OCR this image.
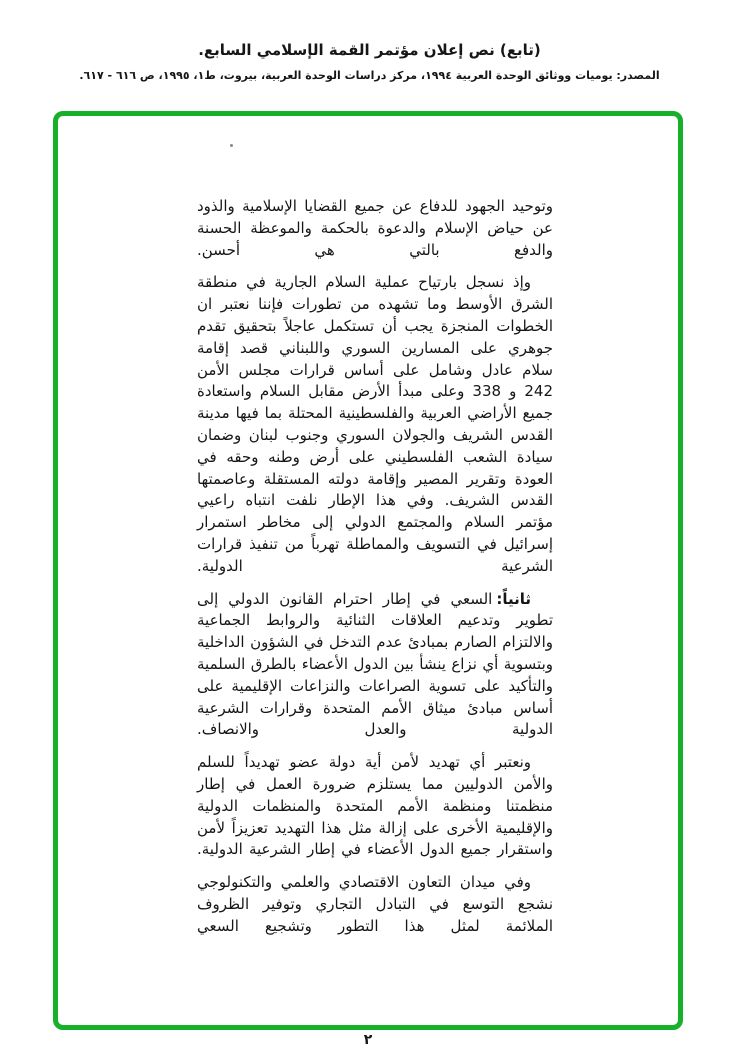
(تابع) نص إعلان مؤتمر القمة الإسلامي السابع.
المصدر: يوميات ووثائق الوحدة العربية ١٩٩٤، مركز دراسات الوحدة العربية، بيروت، ط١، ١٩٩٥، ص ٦١٦ - ٦١٧.

وتوحيد الجهود للدفاع عن جميع القضايا الإسلامية والذود عن حياض الإسلام والدعوة بالحكمة والموعظة الحسنة والدفع بالتي هي أحسن.

وإذ نسجل بارتياح عملية السلام الجارية في منطقة الشرق الأوسط وما تشهده من تطورات فإننا نعتبر ان الخطوات المنجزة يجب أن تستكمل عاجلاً بتحقيق تقدم جوهري على المسارين السوري واللبناني قصد إقامة سلام عادل وشامل على أساس قرارات مجلس الأمن 242 و 338 وعلى مبدأ الأرض مقابل السلام واستعادة جميع الأراضي العربية والفلسطينية المحتلة بما فيها مدينة القدس الشريف والجولان السوري وجنوب لبنان وضمان سيادة الشعب الفلسطيني على أرض وطنه وحقه في العودة وتقرير المصير وإقامة دولته المستقلة وعاصمتها القدس الشريف. وفي هذا الإطار نلفت انتباه راعيي مؤتمر السلام والمجتمع الدولي إلى مخاطر استمرار إسرائيل في التسويف والمماطلة تهرباً من تنفيذ قرارات الشرعية الدولية.

ثانياً:السعي في إطار احترام القانون الدولي إلى تطوير وتدعيم العلاقات الثنائية والروابط الجماعية والالتزام الصارم بمبادئ عدم التدخل في الشؤون الداخلية وبتسوية أي نزاع ينشأ بين الدول الأعضاء بالطرق السلمية والتأكيد على تسوية الصراعات والنزاعات الإقليمية على أساس مبادئ ميثاق الأمم المتحدة وقرارات الشرعية الدولية والعدل والانصاف.

ونعتبر أي تهديد لأمن أية دولة عضو تهديداً للسلم والأمن الدوليين مما يستلزم ضرورة العمل في إطار منظمتنا ومنظمة الأمم المتحدة والمنظمات الدولية والإقليمية الأخرى على إزالة مثل هذا التهديد تعزيزاً لأمن واستقرار جميع الدول الأعضاء في إطار الشرعية الدولية.

وفي ميدان التعاون الاقتصادي والعلمي والتكنولوجي نشجع التوسع في التبادل التجاري وتوفير الظروف الملائمة لمثل هذا التطور وتشجيع السعي

٢
